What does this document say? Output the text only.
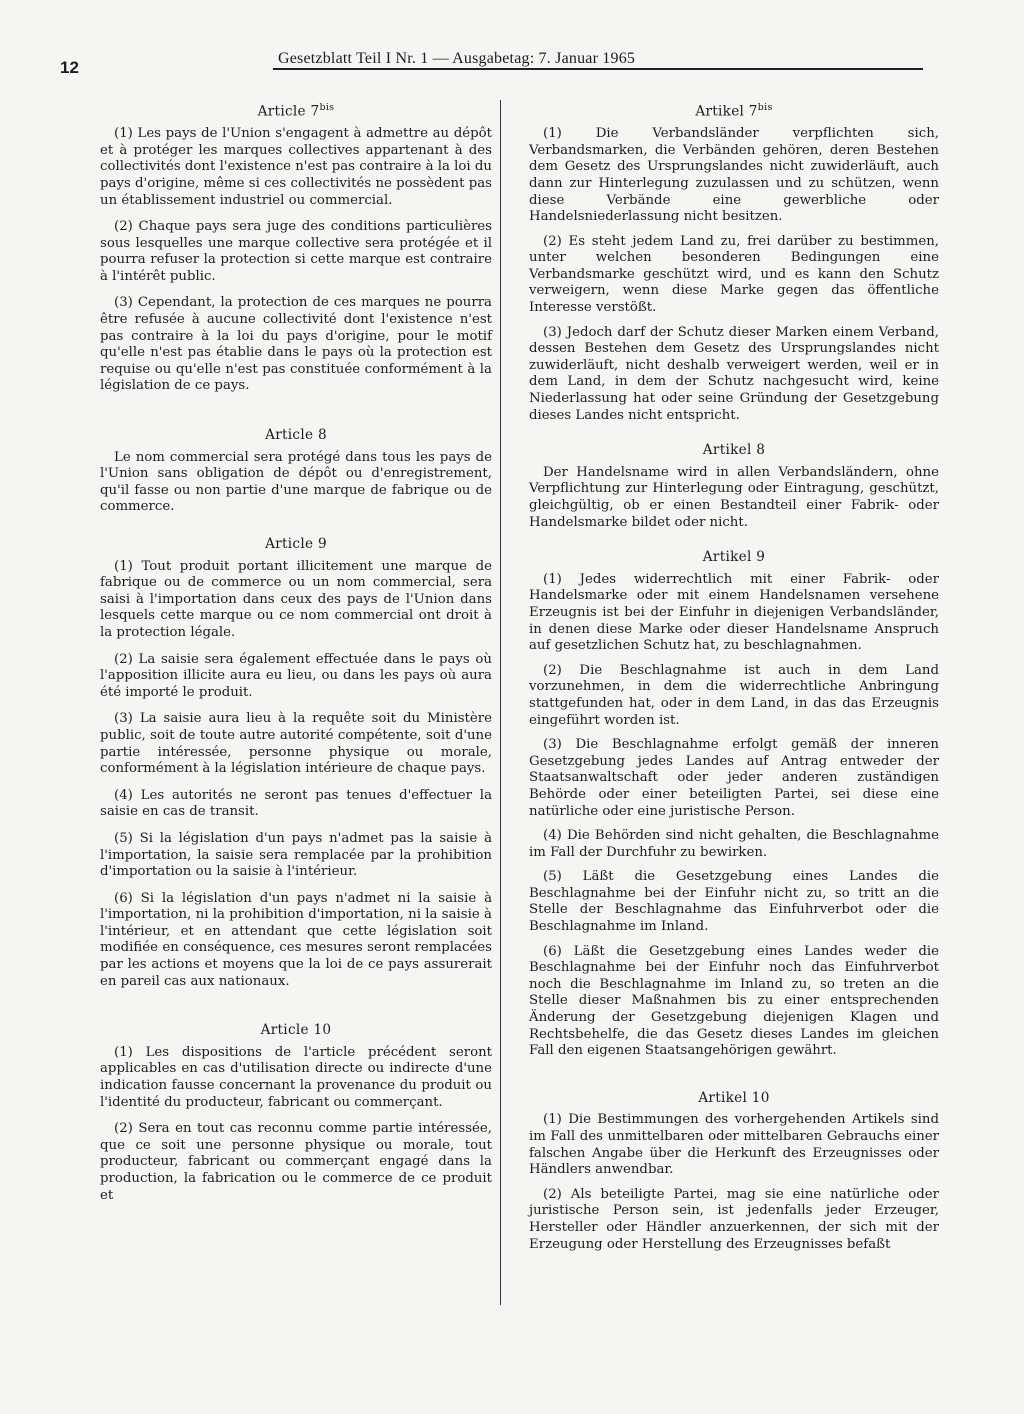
12	Gesetzblatt Teil I Nr. 1 — Ausgabetag: 7. Januar 1965
Article $7^{bis}$

(1) Les pays de l'Union s'engagent à admettre au dépôt et à protéger les marques collectives appartenant à des collectivités dont l'existence n'est pas contraire à la loi du pays d'origine, même si ces collectivités ne possèdent pas un établissement industriel ou commercial.

(2) Chaque pays sera juge des conditions particulières sous lesquelles une marque collective sera protégée et il pourra refuser la protection si cette marque est contraire à l'intérêt public.

(3) Cependant, la protection de ces marques ne pourra être refusée à aucune collectivité dont l'existence n'est pas contraire à la loi du pays d'origine, pour le motif qu'elle n'est pas établie dans le pays où la protection est requise ou qu'elle n'est pas constituée conformément à la législation de ce pays.

Article 8

Le nom commercial sera protégé dans tous les pays de l'Union sans obligation de dépôt ou d'enregistrement, qu'il fasse ou non partie d'une marque de fabrique ou de commerce.

Article 9

(1) Tout produit portant illicitement une marque de fabrique ou de commerce ou un nom commercial, sera saisi à l'importation dans ceux des pays de l'Union dans lesquels cette marque ou ce nom commercial ont droit à la protection légale.

(2) La saisie sera également effectuée dans le pays où l'apposition illicite aura eu lieu, ou dans les pays où aura été importé le produit.

(3) La saisie aura lieu à la requête soit du Ministère public, soit de toute autre autorité compétente, soit d'une partie intéressée, personne physique ou morale, conformément à la législation intérieure de chaque pays.

(4) Les autorités ne seront pas tenues d'effectuer la saisie en cas de transit.

(5) Si la législation d'un pays n'admet pas la saisie à l'importation, la saisie sera remplacée par la prohibition d'importation ou la saisie à l'intérieur.

(6) Si la législation d'un pays n'admet ni la saisie à l'importation, ni la prohibition d'importation, ni la saisie à l'intérieur, et en attendant que cette législation soit modifiée en conséquence, ces mesures seront remplacées par les actions et moyens que la loi de ce pays assurerait en pareil cas aux nationaux.

Article 10

(1) Les dispositions de l'article précédent seront applicables en cas d'utilisation directe ou indirecte d'une indication fausse concernant la provenance du produit ou l'identité du producteur, fabricant ou commerçant.

(2) Sera en tout cas reconnu comme partie intéressée, que ce soit une personne physique ou morale, tout producteur, fabricant ou commerçant engagé dans la production, la fabrication ou le commerce de ce produit et

Artikel $7^{bis}$

(1) Die Verbandsländer verpflichten sich, Verbandsmarken, die Verbänden gehören, deren Bestehen dem Gesetz des Ursprungslandes nicht zuwiderläuft, auch dann zur Hinterlegung zuzulassen und zu schützen, wenn diese Verbände eine gewerbliche oder Handelsniederlassung nicht besitzen.

(2) Es steht jedem Land zu, frei darüber zu bestimmen, unter welchen besonderen Bedingungen eine Verbandsmarke geschützt wird, und es kann den Schutz verweigern, wenn diese Marke gegen das öffentliche Interesse verstößt.

(3) Jedoch darf der Schutz dieser Marken einem Verband, dessen Bestehen dem Gesetz des Ursprungslandes nicht zuwiderläuft, nicht deshalb verweigert werden, weil er in dem Land, in dem der Schutz nachgesucht wird, keine Niederlassung hat oder seine Gründung der Gesetzgebung dieses Landes nicht entspricht.

Artikel 8

Der Handelsname wird in allen Verbandsländern, ohne Verpflichtung zur Hinterlegung oder Eintragung, geschützt, gleichgültig, ob er einen Bestandteil einer Fabrik- oder Handelsmarke bildet oder nicht.

Artikel 9

(1) Jedes widerrechtlich mit einer Fabrik- oder Handelsmarke oder mit einem Handelsnamen versehene Erzeugnis ist bei der Einfuhr in diejenigen Verbandsländer, in denen diese Marke oder dieser Handelsname Anspruch auf gesetzlichen Schutz hat, zu beschlagnahmen.

(2) Die Beschlagnahme ist auch in dem Land vorzunehmen, in dem die widerrechtliche Anbringung stattgefunden hat, oder in dem Land, in das das Erzeugnis eingeführt worden ist.

(3) Die Beschlagnahme erfolgt gemäß der inneren Gesetzgebung jedes Landes auf Antrag entweder der Staatsanwaltschaft oder jeder anderen zuständigen Behörde oder einer beteiligten Partei, sei diese eine natürliche oder eine juristische Person.

(4) Die Behörden sind nicht gehalten, die Beschlagnahme im Fall der Durchfuhr zu bewirken.

(5) Läßt die Gesetzgebung eines Landes die Beschlagnahme bei der Einfuhr nicht zu, so tritt an die Stelle der Beschlagnahme das Einfuhrverbot oder die Beschlagnahme im Inland.

(6) Läßt die Gesetzgebung eines Landes weder die Beschlagnahme bei der Einfuhr noch das Einfuhrverbot noch die Beschlagnahme im Inland zu, so treten an die Stelle dieser Maßnahmen bis zu einer entsprechenden Änderung der Gesetzgebung diejenigen Klagen und Rechtsbehelfe, die das Gesetz dieses Landes im gleichen Fall den eigenen Staatsangehörigen gewährt.

Artikel 10

(1) Die Bestimmungen des vorhergehenden Artikels sind im Fall des unmittelbaren oder mittelbaren Gebrauchs einer falschen Angabe über die Herkunft des Erzeugnisses oder Händlers anwendbar.

(2) Als beteiligte Partei, mag sie eine natürliche oder juristische Person sein, ist jedenfalls jeder Erzeuger, Hersteller oder Händler anzuerkennen, der sich mit der Erzeugung oder Herstellung des Erzeugnisses befaßt
